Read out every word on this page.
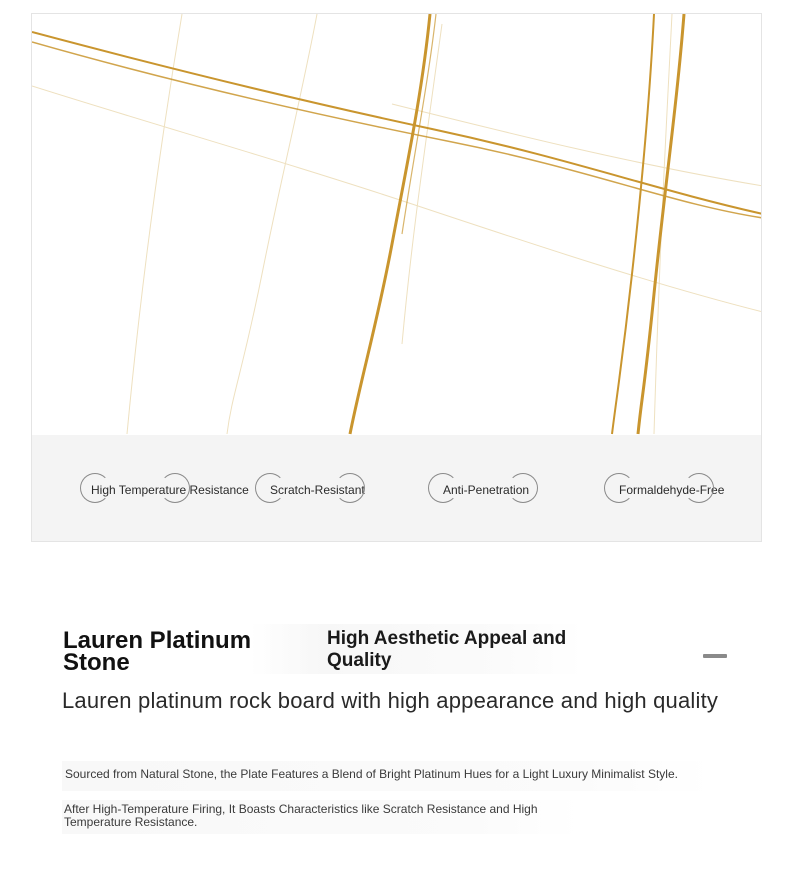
High Temperature Resistance Scratch-Resistant	Anti-Penetration	Formaldehyde-Free
Lauren Platinum Stone
High Aesthetic Appeal and Quality
Lauren platinum rock board with high appearance and high quality
Sourced from Natural Stone, the Plate Features a Blend of Bright Platinum Hues for a Light Luxury Minimalist Style.
After High-Temperature Firing, It Boasts Characteristics like Scratch Resistance and High Temperature Resistance.
